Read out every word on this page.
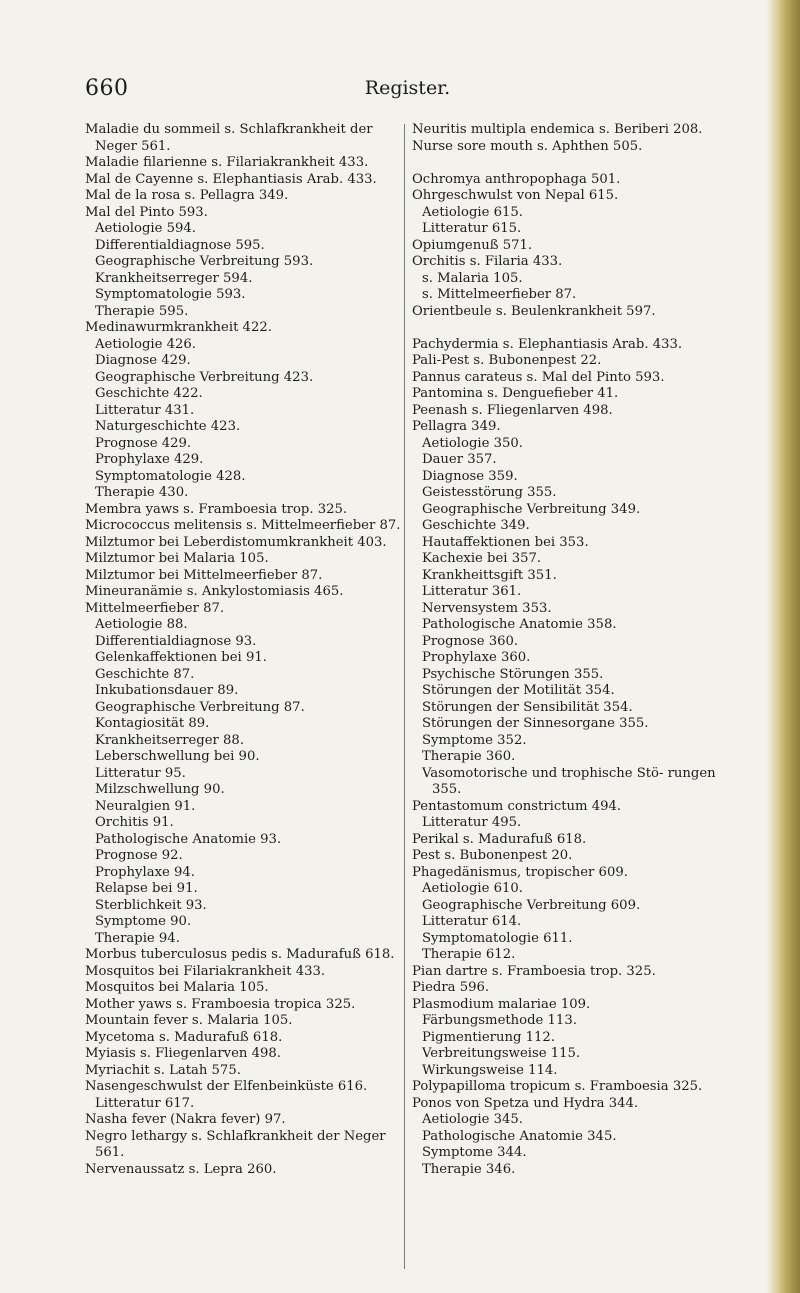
660	Register.
Maladie du sommeil s. Schlafkrankheit der Neger 561.
Maladie filarienne s. Filariakrankheit 433.
Mal de Cayenne s. Elephantiasis Arab. 433.
Mal de la rosa s. Pellagra 349.
Mal del Pinto 593.
Aetiologie 594.
Differentialdiagnose 595.
Geographische Verbreitung 593.
Krankheitserreger 594.
Symptomatologie 593.
Therapie 595.
Medinawurmkrankheit 422.
Aetiologie 426.
Diagnose 429.
Geographische Verbreitung 423.
Geschichte 422.
Litteratur 431.
Naturgeschichte 423.
Prognose 429.
Prophylaxe 429.
Symptomatologie 428.
Therapie 430.
Membra yaws s. Framboesia trop. 325.
Micrococcus melitensis s. Mittelmeerfieber 87.
Milztumor bei Leberdistomumkrankheit 403.
Milztumor bei Malaria 105.
Milztumor bei Mittelmeerfieber 87.
Mineuranämie s. Ankylostomiasis 465.
Mittelmeerfieber 87.
Aetiologie 88.
Differentialdiagnose 93.
Gelenkaffektionen bei 91.
Geschichte 87.
Inkubationsdauer 89.
Geographische Verbreitung 87.
Kontagiosität 89.
Krankheitserreger 88.
Leberschwellung bei 90.
Litteratur 95.
Milzschwellung 90.
Neuralgien 91.
Orchitis 91.
Pathologische Anatomie 93.
Prognose 92.
Prophylaxe 94.
Relapse bei 91.
Sterblichkeit 93.
Symptome 90.
Therapie 94.
Morbus tuberculosus pedis s. Madurafuß 618.
Mosquitos bei Filariakrankheit 433.
Mosquitos bei Malaria 105.
Mother yaws s. Framboesia tropica 325.
Mountain fever s. Malaria 105.
Mycetoma s. Madurafuß 618.
Myiasis s. Fliegenlarven 498.
Myriachit s. Latah 575.
Nasengeschwulst der Elfenbeinküste 616.
Litteratur 617.
Nasha fever (Nakra fever) 97.
Negro lethargy s. Schlafkrankheit der Neger 561.
Nervenaussatz s. Lepra 260.
Neuritis multipla endemica s. Beriberi 208.
Nurse sore mouth s. Aphthen 505.
Ochromya anthropophaga 501.
Ohrgeschwulst von Nepal 615.
Aetiologie 615.
Litteratur 615.
Opiumgenuß 571.
Orchitis s. Filaria 433.
s. Malaria 105.
s. Mittelmeerfieber 87.
Orientbeule s. Beulenkrankheit 597.
Pachydermia s. Elephantiasis Arab. 433.
Pali-Pest s. Bubonenpest 22.
Pannus carateus s. Mal del Pinto 593.
Pantomina s. Denguefieber 41.
Peenash s. Fliegenlarven 498.
Pellagra 349.
Aetiologie 350.
Dauer 357.
Diagnose 359.
Geistesstörung 355.
Geographische Verbreitung 349.
Geschichte 349.
Hautaffektionen bei 353.
Kachexie bei 357.
Krankheittsgift 351.
Litteratur 361.
Nervensystem 353.
Pathologische Anatomie 358.
Prognose 360.
Prophylaxe 360.
Psychische Störungen 355.
Störungen der Motilität 354.
Störungen der Sensibilität 354.
Störungen der Sinnesorgane 355.
Symptome 352.
Therapie 360.
Vasomotorische und trophische Stö- rungen 355.
Pentastomum constrictum 494.
Litteratur 495.
Perikal s. Madurafuß 618.
Pest s. Bubonenpest 20.
Phagedänismus, tropischer 609.
Aetiologie 610.
Geographische Verbreitung 609.
Litteratur 614.
Symptomatologie 611.
Therapie 612.
Pian dartre s. Framboesia trop. 325.
Piedra 596.
Plasmodium malariae 109.
Färbungsmethode 113.
Pigmentierung 112.
Verbreitungsweise 115.
Wirkungsweise 114.
Polypapilloma tropicum s. Framboesia 325.
Ponos von Spetza und Hydra 344.
Aetiologie 345.
Pathologische Anatomie 345.
Symptome 344.
Therapie 346.
